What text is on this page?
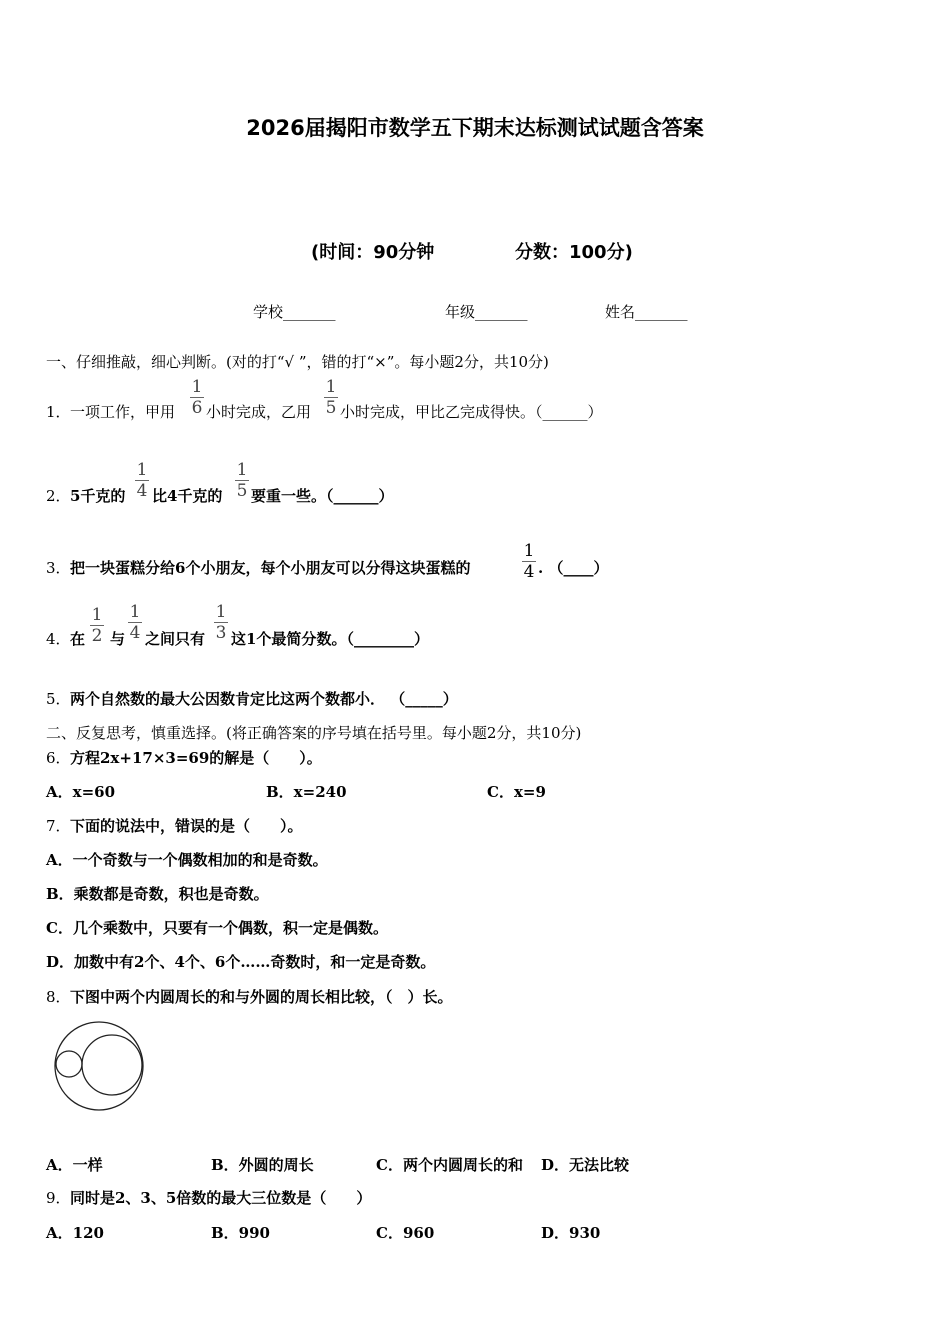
2026届揭阳市数学五下期末达标测试试题含答案
(时间：90分钟	分数：100分)
学校_______	年级_______	姓名_______
一、仔细推敲，细心判断。(对的打“√ ”，错的打“×”。每小题2分，共10分)
1． 一项工作，甲用
1
6 小时完成，乙用
1
5 小时完成，甲比乙完成得快。（______）
2． 5千克的
1
4 比4千克的
1
5 要重一些。（______）
3． 把一块蛋糕分给6个小朋友，每个小朋友可以分得这块蛋糕的
1
4 . （____）
4． 在
1
2 与
1
4 之间只有
1
3 这1个最简分数。（________）
5． 两个自然数的最大公因数肯定比这两个数都小． （_____）
二、反复思考，慎重选择。(将正确答案的序号填在括号里。每小题2分，共10分)
6． 方程2x+17×3=69的解是（　　）。
A．x=60	B．x=240	C．x=9
7． 下面的说法中，错误的是（　　）。
A．一个奇数与一个偶数相加的和是奇数。
B．乘数都是奇数，积也是奇数。
C．几个乘数中，只要有一个偶数，积一定是偶数。
D．加数中有2个、4个、6个……奇数时，和一定是奇数。
8． 下图中两个内圆周长的和与外圆的周长相比较，（　）长。
A．一样	B．外圆的周长	C．两个内圆周长的和 D．无法比较
9． 同时是2、3、5倍数的最大三位数是（　　）
A．120	B．990	C．960	D．930
